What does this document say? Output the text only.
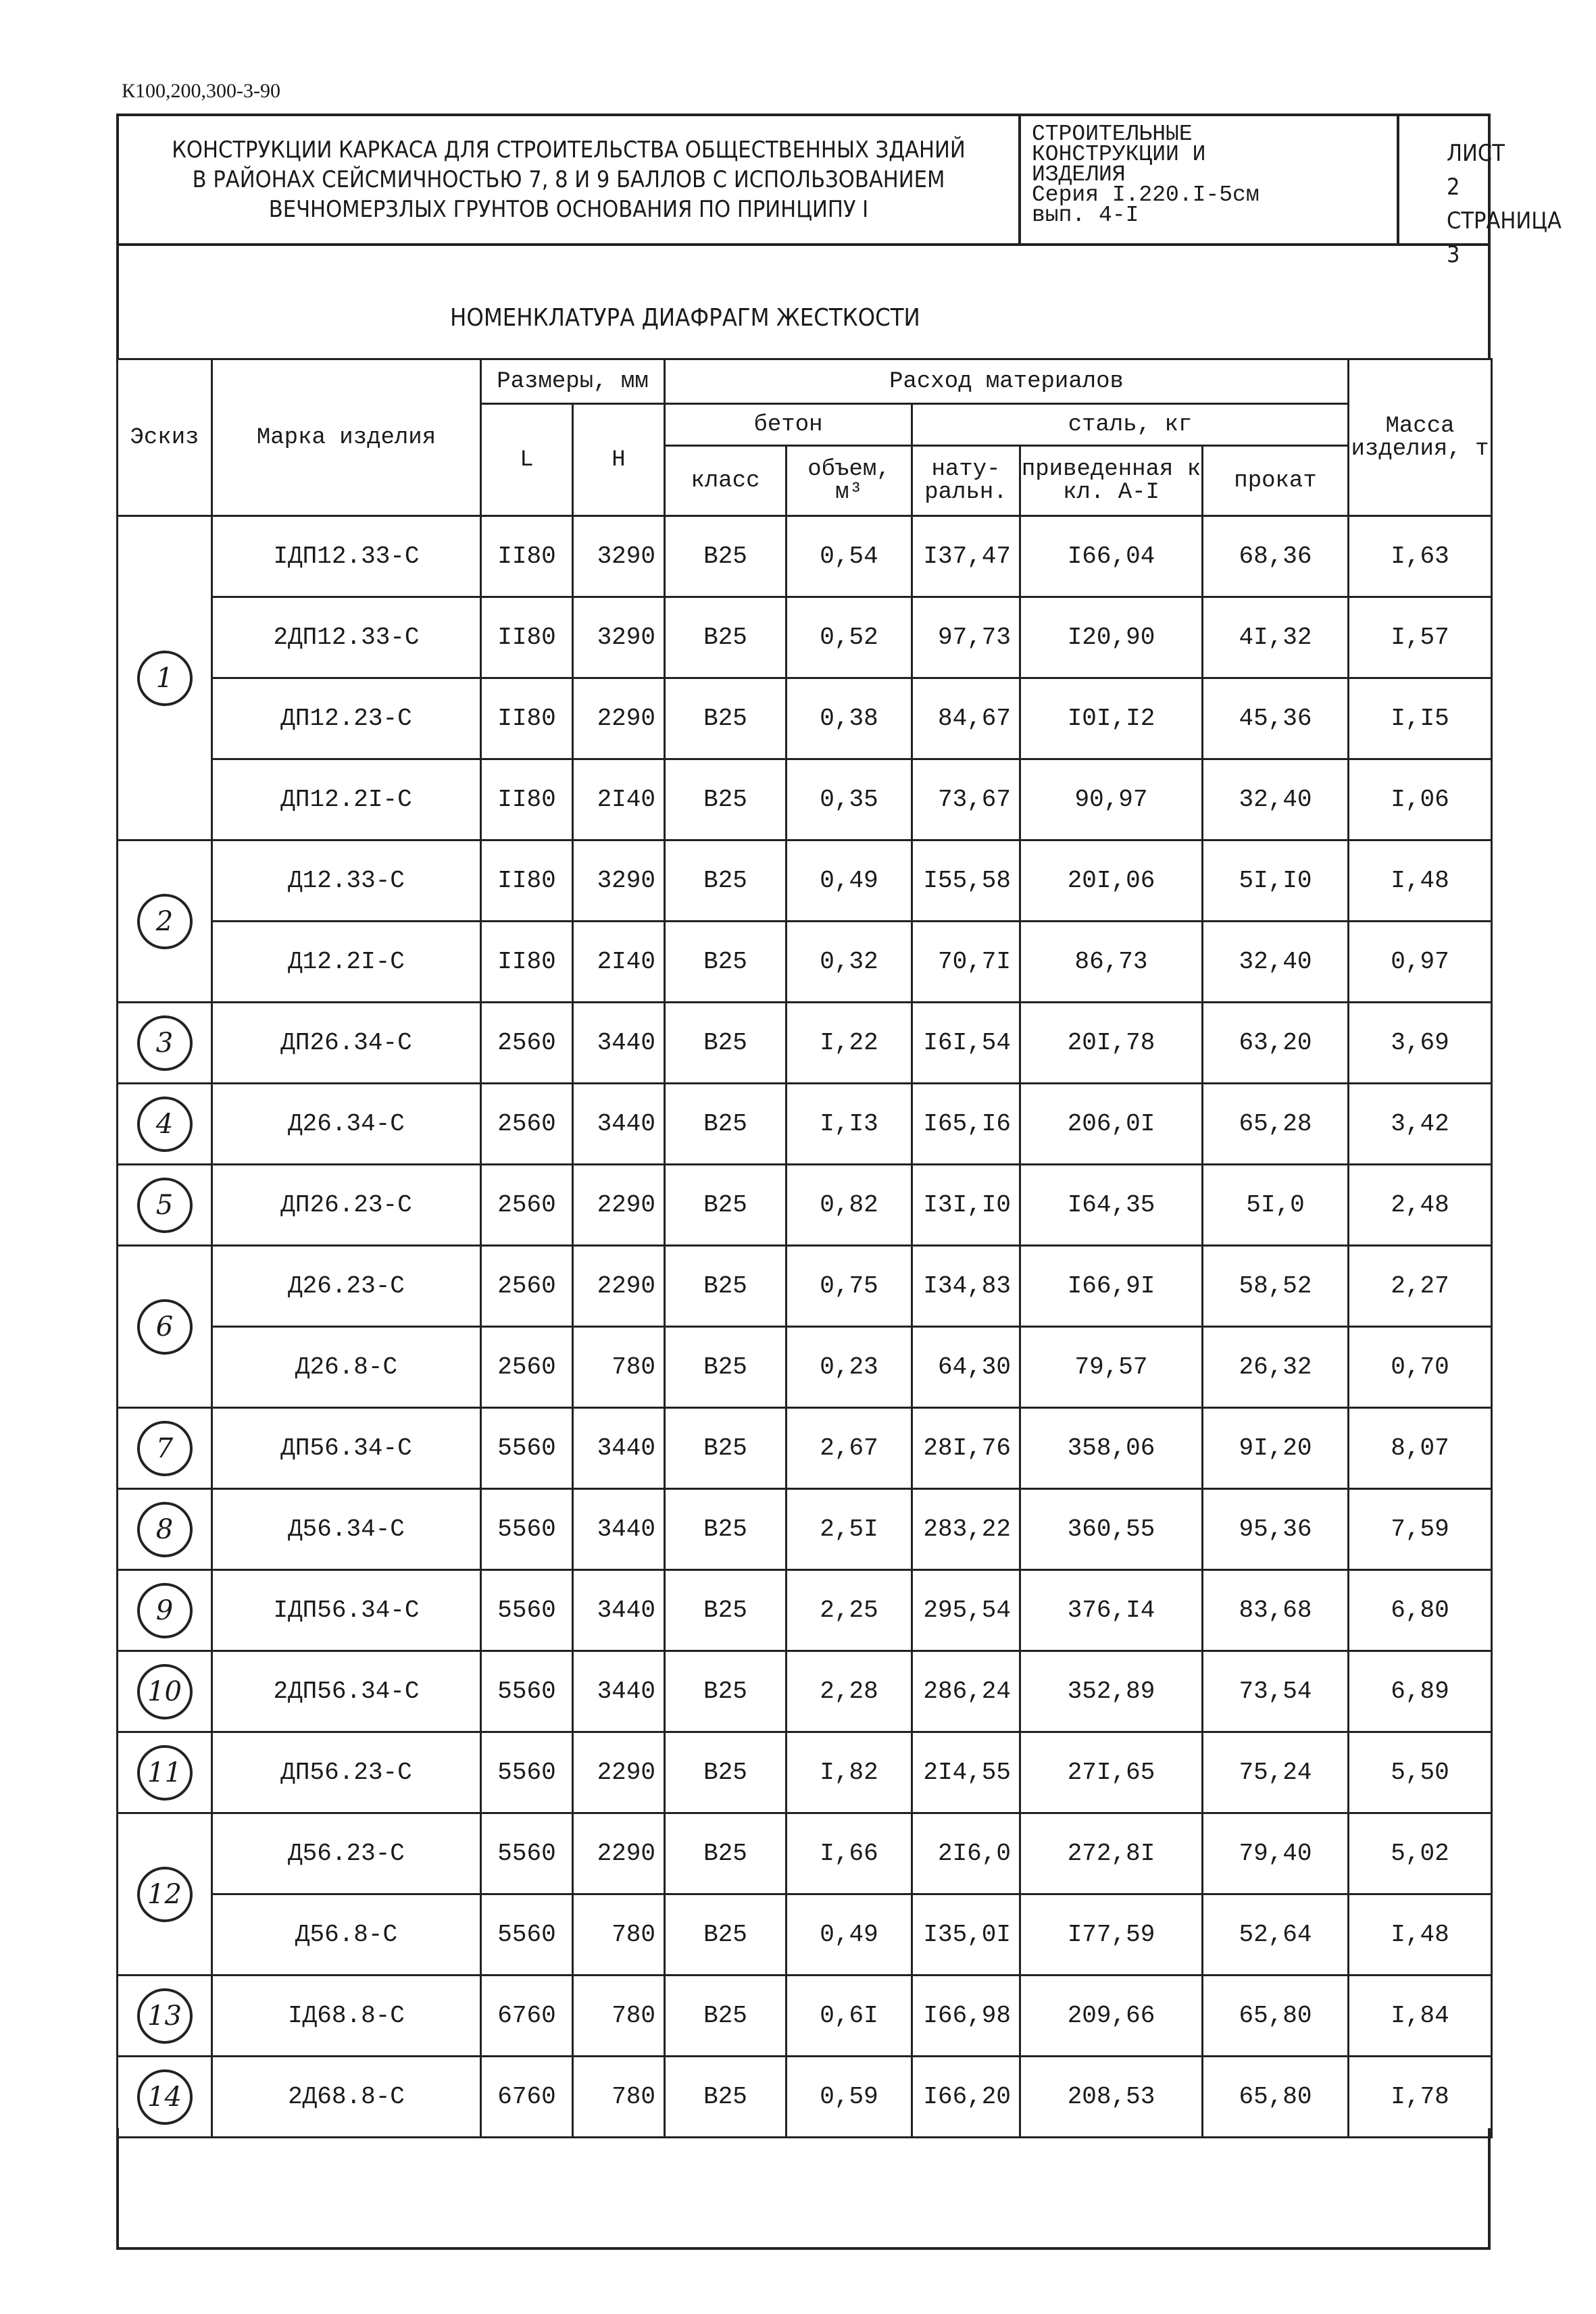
К100,200,300-3-90
КОНСТРУКЦИИ КАРКАСА ДЛЯ СТРОИТЕЛЬСТВА ОБЩЕСТВЕННЫХ ЗДАНИЙ
В РАЙОНАХ СЕЙСМИЧНОСТЬЮ 7, 8 И 9 БАЛЛОВ С ИСПОЛЬЗОВАНИЕМ
ВЕЧНОМЕРЗЛЫХ ГРУНТОВ ОСНОВАНИЯ ПО ПРИНЦИПУ I
СТРОИТЕЛЬНЫЕ
КОНСТРУКЦИИ И
ИЗДЕЛИЯ
Серия I.220.I-5см
вып. 4-I
ЛИСТ 2
СТРАНИЦА 3
НОМЕНКЛАТУРА ДИАФРАГМ ЖЕСТКОСТИ
Эскиз	Марка изделия	Размеры, мм		Расход материалов					Масса изделия, т
		L	Н	бетон		сталь, кг			
				класс	объем, м³	нату- ральн.	приведенная к кл. А-I	прокат	
1	IДП12.33-С	II80	3290	В25	0,54	I37,47	I66,04	68,36	I,63
	2ДП12.33-С	II80	3290	В25	0,52	97,73	I20,90	4I,32	I,57
	ДП12.23-С	II80	2290	В25	0,38	84,67	I0I,I2	45,36	I,I5
	ДП12.2I-С	II80	2I40	В25	0,35	73,67	90,97	32,40	I,06
2	Д12.33-С	II80	3290	В25	0,49	I55,58	20I,06	5I,I0	I,48
	Д12.2I-С	II80	2I40	В25	0,32	70,7I	86,73	32,40	0,97
3	ДП26.34-С	2560	3440	В25	I,22	I6I,54	20I,78	63,20	3,69
4	Д26.34-С	2560	3440	В25	I,I3	I65,I6	206,0I	65,28	3,42
5	ДП26.23-С	2560	2290	В25	0,82	I3I,I0	I64,35	5I,0	2,48
6	Д26.23-С	2560	2290	В25	0,75	I34,83	I66,9I	58,52	2,27
	Д26.8-С	2560	780	В25	0,23	64,30	79,57	26,32	0,70
7	ДП56.34-С	5560	3440	В25	2,67	28I,76	358,06	9I,20	8,07
8	Д56.34-С	5560	3440	В25	2,5I	283,22	360,55	95,36	7,59
9	IДП56.34-С	5560	3440	В25	2,25	295,54	376,I4	83,68	6,80
10	2ДП56.34-С	5560	3440	В25	2,28	286,24	352,89	73,54	6,89
11	ДП56.23-С	5560	2290	В25	I,82	2I4,55	27I,65	75,24	5,50
12	Д56.23-С	5560	2290	В25	I,66	2I6,0	272,8I	79,40	5,02
	Д56.8-С	5560	780	В25	0,49	I35,0I	I77,59	52,64	I,48
13	IД68.8-С	6760	780	В25	0,6I	I66,98	209,66	65,80	I,84
14	2Д68.8-С	6760	780	В25	0,59	I66,20	208,53	65,80	I,78
